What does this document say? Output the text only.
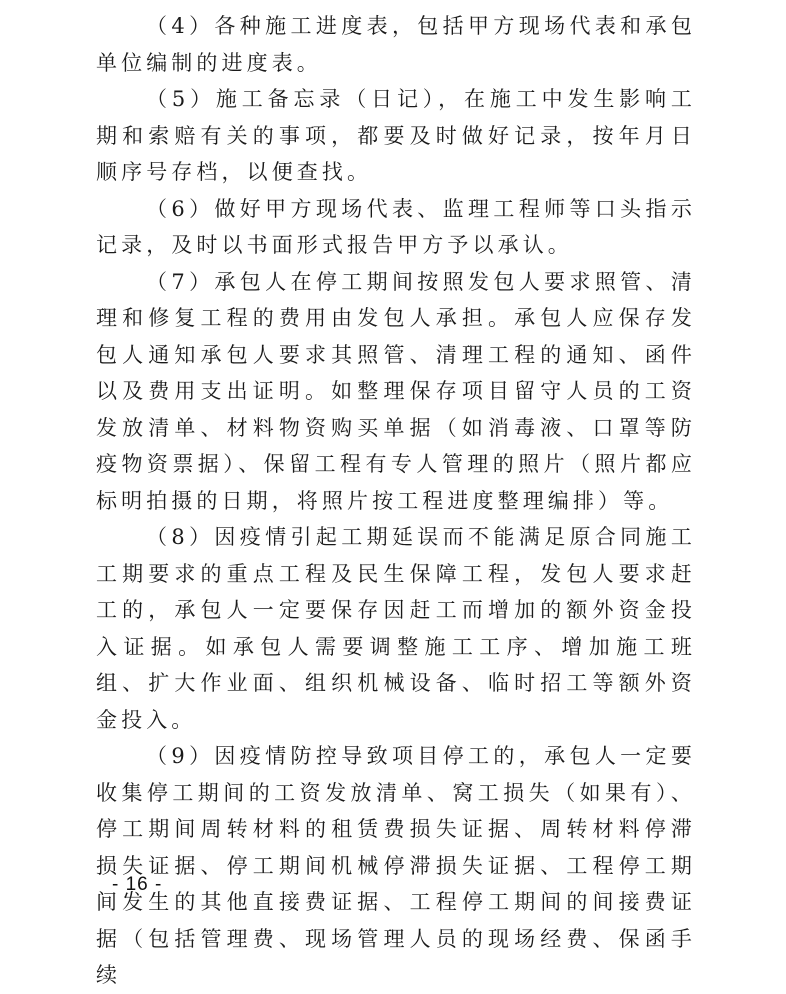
（4）各种施工进度表，包括甲方现场代表和承包单位编制的进度表。

（5）施工备忘录（日记），在施工中发生影响工期和索赔有关的事项，都要及时做好记录，按年月日顺序号存档，以便查找。

（6）做好甲方现场代表、监理工程师等口头指示记录，及时以书面形式报告甲方予以承认。

（7）承包人在停工期间按照发包人要求照管、清理和修复工程的费用由发包人承担。承包人应保存发包人通知承包人要求其照管、清理工程的通知、函件以及费用支出证明。如整理保存项目留守人员的工资发放清单、材料物资购买单据（如消毒液、口罩等防疫物资票据）、保留工程有专人管理的照片（照片都应标明拍摄的日期，将照片按工程进度整理编排）等。

（8）因疫情引起工期延误而不能满足原合同施工工期要求的重点工程及民生保障工程，发包人要求赶工的，承包人一定要保存因赶工而增加的额外资金投入证据。如承包人需要调整施工工序、增加施工班组、扩大作业面、组织机械设备、临时招工等额外资金投入。

（9）因疫情防控导致项目停工的，承包人一定要收集停工期间的工资发放清单、窝工损失（如果有）、停工期间周转材料的租赁费损失证据、周转材料停滞损失证据、停工期间机械停滞损失证据、工程停工期间发生的其他直接费证据、工程停工期间的间接费证据（包括管理费、现场管理人员的现场经费、保函手续

- 16 -
